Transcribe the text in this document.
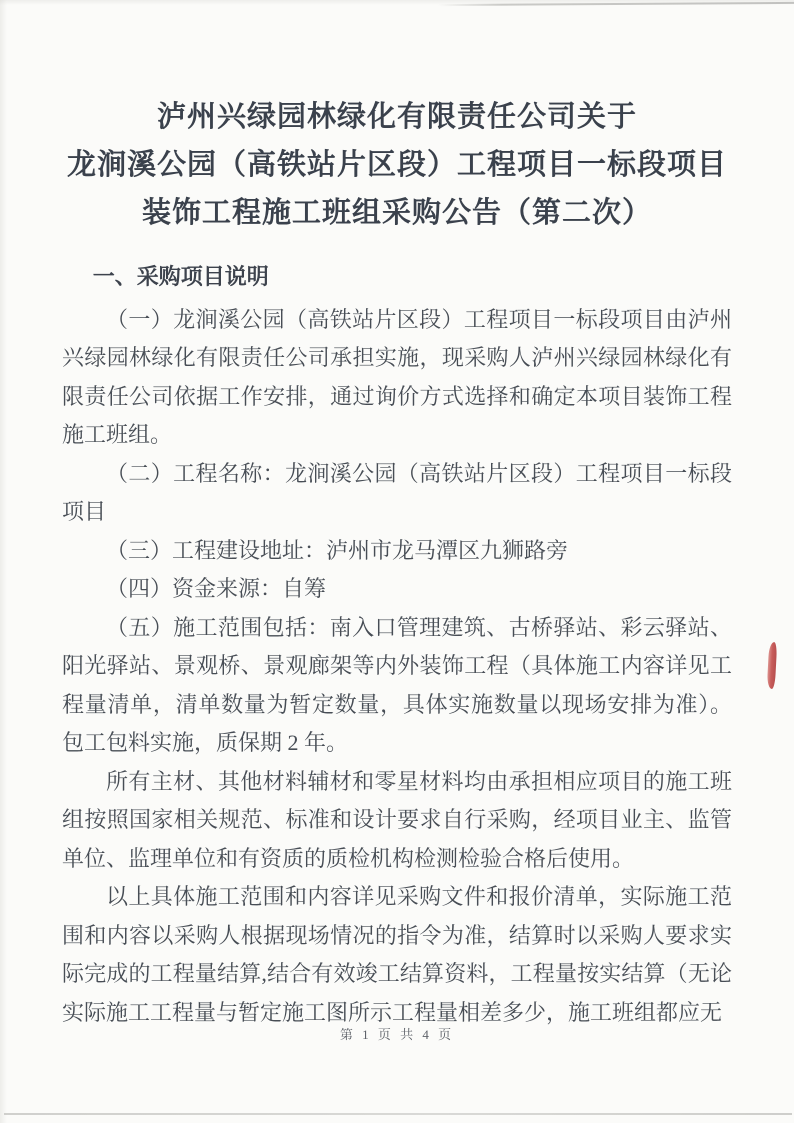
泸州兴绿园林绿化有限责任公司关于
龙涧溪公园（高铁站片区段）工程项目一标段项目
装饰工程施工班组采购公告（第二次）
一、采购项目说明

（一）龙涧溪公园（高铁站片区段）工程项目一标段项目由泸州兴绿园林绿化有限责任公司承担实施，现采购人泸州兴绿园林绿化有限责任公司依据工作安排，通过询价方式选择和确定本项目装饰工程施工班组。

（二）工程名称：龙涧溪公园（高铁站片区段）工程项目一标段项目

（三）工程建设地址：泸州市龙马潭区九狮路旁

（四）资金来源：自筹

（五）施工范围包括：南入口管理建筑、古桥驿站、彩云驿站、阳光驿站、景观桥、景观廊架等内外装饰工程（具体施工内容详见工程量清单，清单数量为暂定数量，具体实施数量以现场安排为准）。包工包料实施，质保期 2 年。

所有主材、其他材料辅材和零星材料均由承担相应项目的施工班组按照国家相关规范、标准和设计要求自行采购，经项目业主、监管单位、监理单位和有资质的质检机构检测检验合格后使用。

以上具体施工范围和内容详见采购文件和报价清单，实际施工范围和内容以采购人根据现场情况的指令为准，结算时以采购人要求实际完成的工程量结算,结合有效竣工结算资料，工程量按实结算（无论实际施工工程量与暂定施工图所示工程量相差多少，施工班组都应无

第 1 页 共 4 页
